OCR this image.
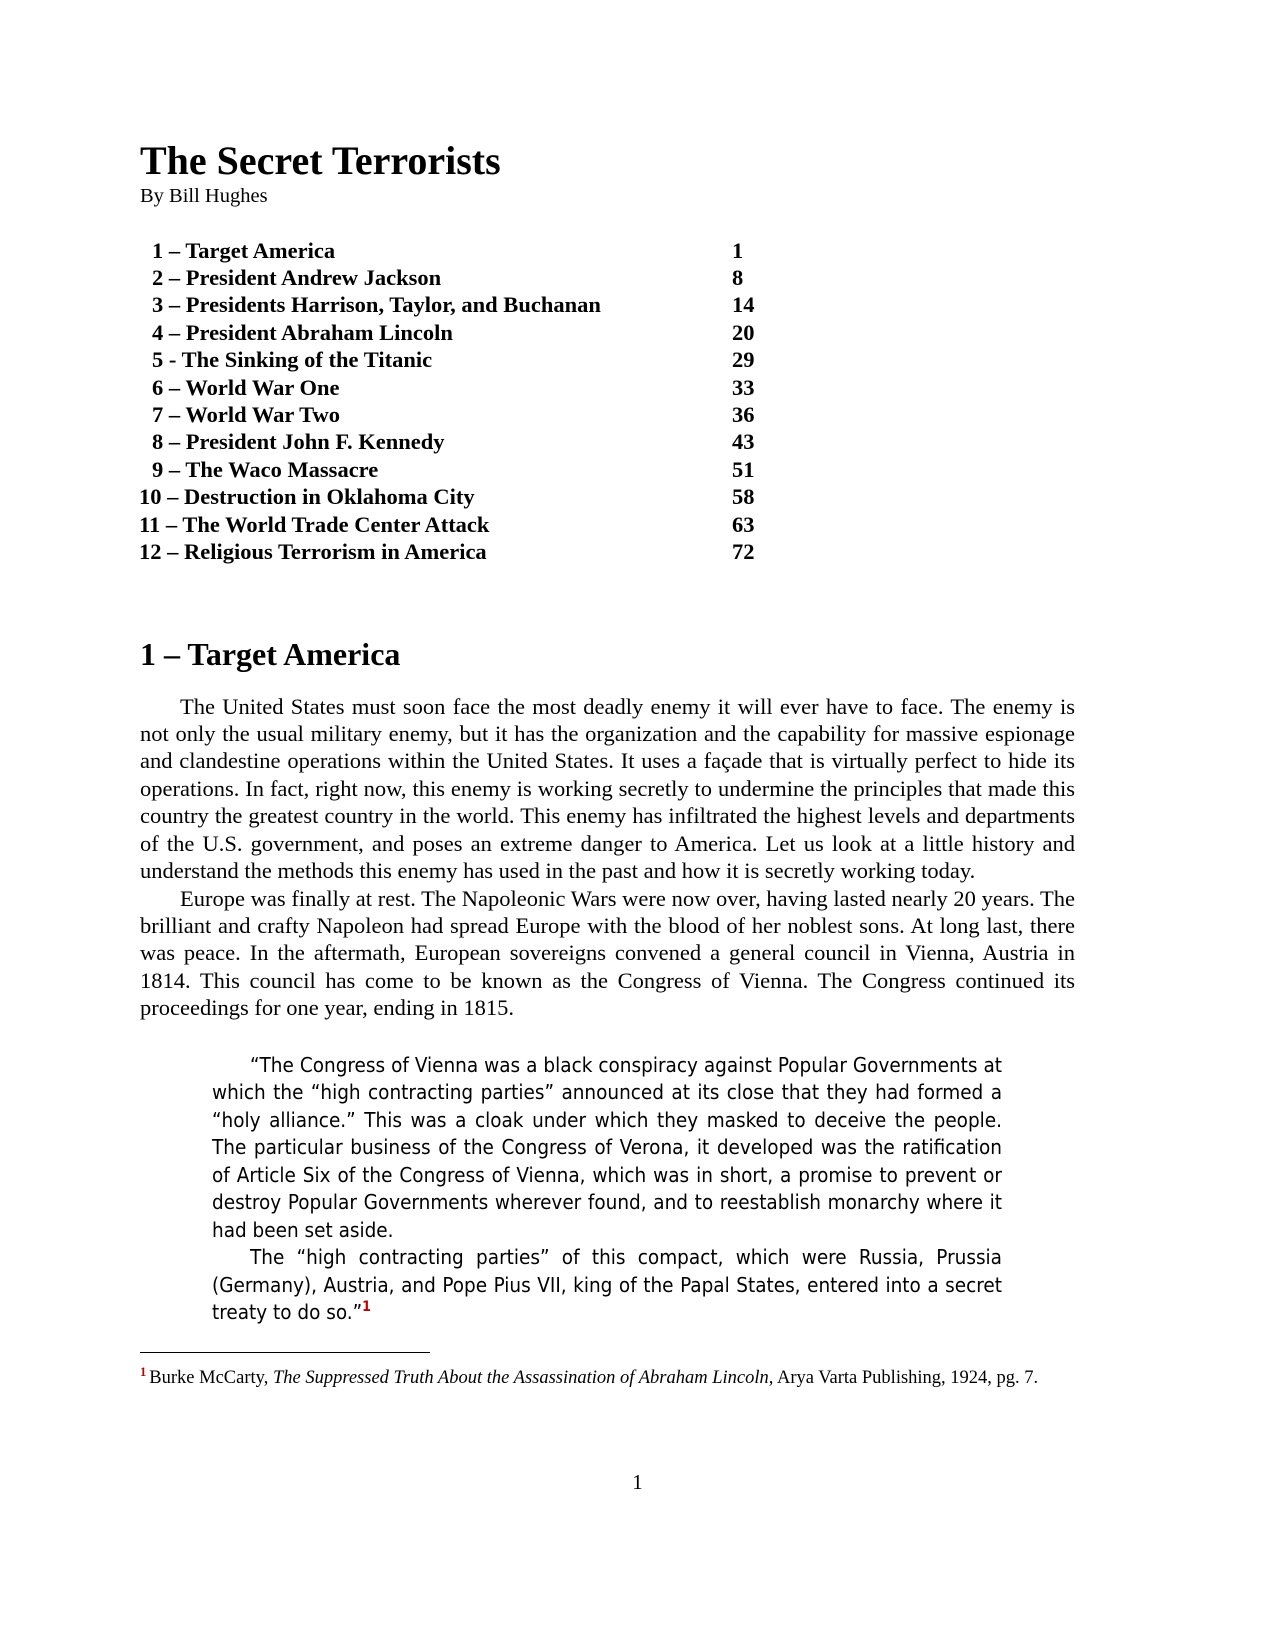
The Secret Terrorists
By Bill Hughes
1 – Target America	1
2 – President Andrew Jackson	8
3 – Presidents Harrison, Taylor, and Buchanan	14
4 – President Abraham Lincoln	20
5 - The Sinking of the Titanic	29
6 – World War One	33
7 – World War Two	36
8 – President John F. Kennedy	43
9 – The Waco Massacre	51
10 – Destruction in Oklahoma City	58
11 – The World Trade Center Attack	63
12 – Religious Terrorism in America	72
1 – Target America

The United States must soon face the most deadly enemy it will ever have to face. The enemy is not only the usual military enemy, but it has the organization and the capability for massive espionage and clandestine operations within the United States. It uses a façade that is virtually perfect to hide its operations. In fact, right now, this enemy is working secretly to undermine the principles that made this country the greatest country in the world. This enemy has infiltrated the highest levels and departments of the U.S. government, and poses an extreme danger to America. Let us look at a little history and understand the methods this enemy has used in the past and how it is secretly working today.

Europe was finally at rest. The Napoleonic Wars were now over, having lasted nearly 20 years. The brilliant and crafty Napoleon had spread Europe with the blood of her noblest sons. At long last, there was peace. In the aftermath, European sovereigns convened a general council in Vienna, Austria in 1814. This council has come to be known as the Congress of Vienna. The Congress continued its proceedings for one year, ending in 1815.

“The Congress of Vienna was a black conspiracy against Popular Governments at which the “high contracting parties” announced at its close that they had formed a “holy alliance.” This was a cloak under which they masked to deceive the people. The particular business of the Congress of Verona, it developed was the ratification of Article Six of the Congress of Vienna, which was in short, a promise to prevent or destroy Popular Governments wherever found, and to reestablish monarchy where it had been set aside.

The “high contracting parties” of this compact, which were Russia, Prussia (Germany), Austria, and Pope Pius VII, king of the Papal States, entered into a secret treaty to do so.”$^1$

$^1$ Burke McCarty, The Suppressed Truth About the Assassination of Abraham Lincoln, Arya Varta Publishing, 1924, pg. 7.

1
